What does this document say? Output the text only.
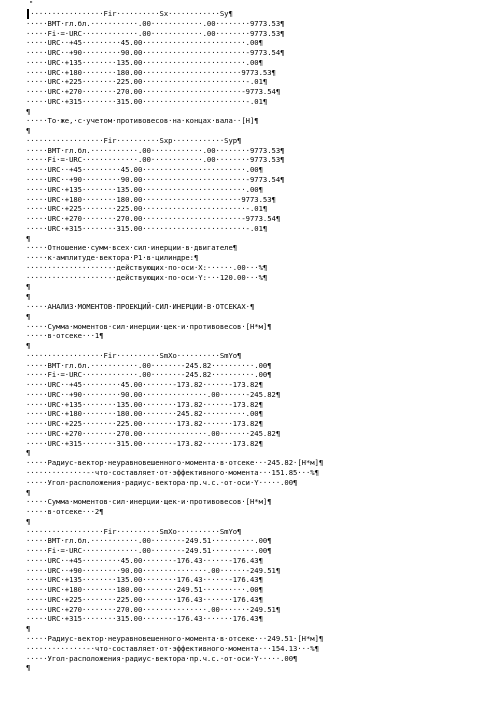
"
··················Fir··········Sx············Sy¶
·····BMT·гл.бл.···········.00············.00········9773.53¶
·····Fi·=·URC·············.00············.00········9773.53¶
·····URC··+45·········45.00························.00¶
·····URC··+90·········90.00························-9773.54¶
·····URC·+135········135.00························.00¶
·····URC·+180········180.00·······················9773.53¶
·····URC·+225········225.00························-.01¶
·····URC·+270········270.00·······················-9773.54¶
·····URC·+315········315.00························-.01¶
¶
·····То·же,·с·учетом·противовесов·на·концах·вала··[Н]¶
¶
··················Fir··········Sxp············Syp¶
·····BMT·гл.бл.···········.00············.00········9773.53¶
·····Fi·=·URC·············.00············.00········9773.53¶
·····URC··+45·········45.00························.00¶
·····URC··+90·········90.00························-9773.54¶
·····URC·+135········135.00························.00¶
·····URC·+180········180.00·······················9773.53¶
·····URC·+225········225.00························-.01¶
·····URC·+270········270.00·······················-9773.54¶
·····URC·+315········315.00························-.01¶
¶
·····Отношение·сумм·всех·сил·инерции·в·двигателе¶
·····к·амплитуде·вектора·P1·в·цилиндре:¶
···················-·действующих·по·оси·X:······.00···%¶
···················-·действующих·по·оси·Y:···120.00···%¶
¶
¶
·····АНАЛИЗ·МОМЕНТОВ·ПРОЕКЦИЙ·СИЛ·ИНЕРЦИИ·В·ОТСЕКАХ·¶
¶
·····Сумма·моментов·сил·инерции·щек·и·противовесов·[Н*м]¶
·····в·отсеке···1¶
¶
··················Fir··········SmXo··········SmYo¶
·····BMT·гл.бл.···········.00·······-245.82··········.00¶
·····Fi·=·URC·············.00·······-245.82··········.00¶
·····URC··+45·········45.00·······-173.82······-173.82¶
·····URC··+90·········90.00···············.00······-245.82¶
·····URC·+135········135.00········173.82······-173.82¶
·····URC·+180········180.00········245.82··········.00¶
·····URC·+225········225.00········173.82·······173.82¶
·····URC·+270········270.00···············.00·······245.82¶
·····URC·+315········315.00·······-173.82·······173.82¶
¶
·····Радиус-вектор·неуравновешенного·момента·в·отсеке···245.82·[Н*м]¶
··············-·что·составляет·от·эффективного·момента···151.85···%¶
·····Угол·расположения·радиус-вектора·пр.ч.с.·от·оси·Y·····.00¶
¶
·····Сумма·моментов·сил·инерции·щек·и·противовесов·[Н*м]¶
·····в·отсеке···2¶
¶
··················Fir··········SmXo··········SmYo¶
·····BMT·гл.бл.···········.00·······-249.51··········.00¶
·····Fi·=·URC·············.00·······-249.51··········.00¶
·····URC··+45·········45.00·······-176.43······-176.43¶
·····URC··+90·········90.00···············.00······-249.51¶
·····URC·+135········135.00········176.43······-176.43¶
·····URC·+180········180.00········249.51··········.00¶
·····URC·+225········225.00········176.43·······176.43¶
·····URC·+270········270.00···············.00·······249.51¶
·····URC·+315········315.00·······-176.43·······176.43¶
¶
·····Радиус-вектор·неуравновешенного·момента·в·отсеке···249.51·[Н*м]¶
··············-·что·составляет·от·эффективного·момента···154.13···%¶
·····Угол·расположения·радиус-вектора·пр.ч.с.·от·оси·Y·····.00¶
¶
